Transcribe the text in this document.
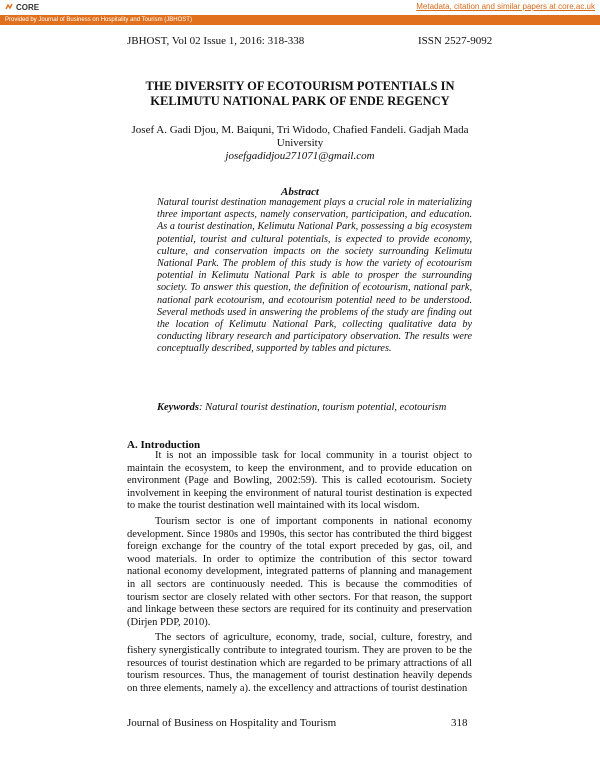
CORE	Metadata, citation and similar papers at core.ac.uk
Provided by Journal of Business on Hospitality and Tourism (JBHOST)
JBHOST, Vol 02 Issue 1, 2016: 318-338	ISSN 2527-9092
THE DIVERSITY OF ECOTOURISM POTENTIALS IN
KELIMUTU NATIONAL PARK OF ENDE REGENCY
Josef A. Gadi Djou, M. Baiquni, Tri Widodo, Chafied Fandeli. Gadjah Mada
University
josefgadidjou271071@gmail.com
Abstract

Natural tourist destination management plays a crucial role in materializing three important aspects, namely conservation, participation, and education. As a tourist destination, Kelimutu National Park, possessing a big ecosystem potential, tourist and cultural potentials, is expected to provide economy, culture, and conservation impacts on the society surrounding Kelimutu National Park. The problem of this study is how the variety of ecotourism potential in Kelimutu National Park is able to prosper the surrounding society. To answer this question, the definition of ecotourism, national park, national park ecotourism, and ecotourism potential need to be understood. Several methods used in answering the problems of the study are finding out the location of Kelimutu National Park, collecting qualitative data by conducting library research and participatory observation. The results were conceptually described, supported by tables and pictures.

Keywords: Natural tourist destination, tourism potential, ecotourism
A. Introduction

It is not an impossible task for local community in a tourist object to maintain the ecosystem, to keep the environment, and to provide education on environment (Page and Bowling, 2002:59). This is called ecotourism. Society involvement in keeping the environment of natural tourist destination is expected to make the tourist destination well maintained with its local wisdom.

Tourism sector is one of important components in national economy development. Since 1980s and 1990s, this sector has contributed the third biggest foreign exchange for the country of the total export preceded by gas, oil, and wood materials. In order to optimize the contribution of this sector toward national economy development, integrated patterns of planning and management in all sectors are continuously needed. This is because the commodities of tourism sector are closely related with other sectors. For that reason, the support and linkage between these sectors are required for its continuity and preservation (Dirjen PDP, 2010).

The sectors of agriculture, economy, trade, social, culture, forestry, and fishery synergistically contribute to integrated tourism. They are proven to be the resources of tourist destination which are regarded to be primary attractions of all tourism resources. Thus, the management of tourist destination heavily depends on three elements, namely a). the excellency and attractions of tourist destination

Journal of Business on Hospitality and Tourism	318
